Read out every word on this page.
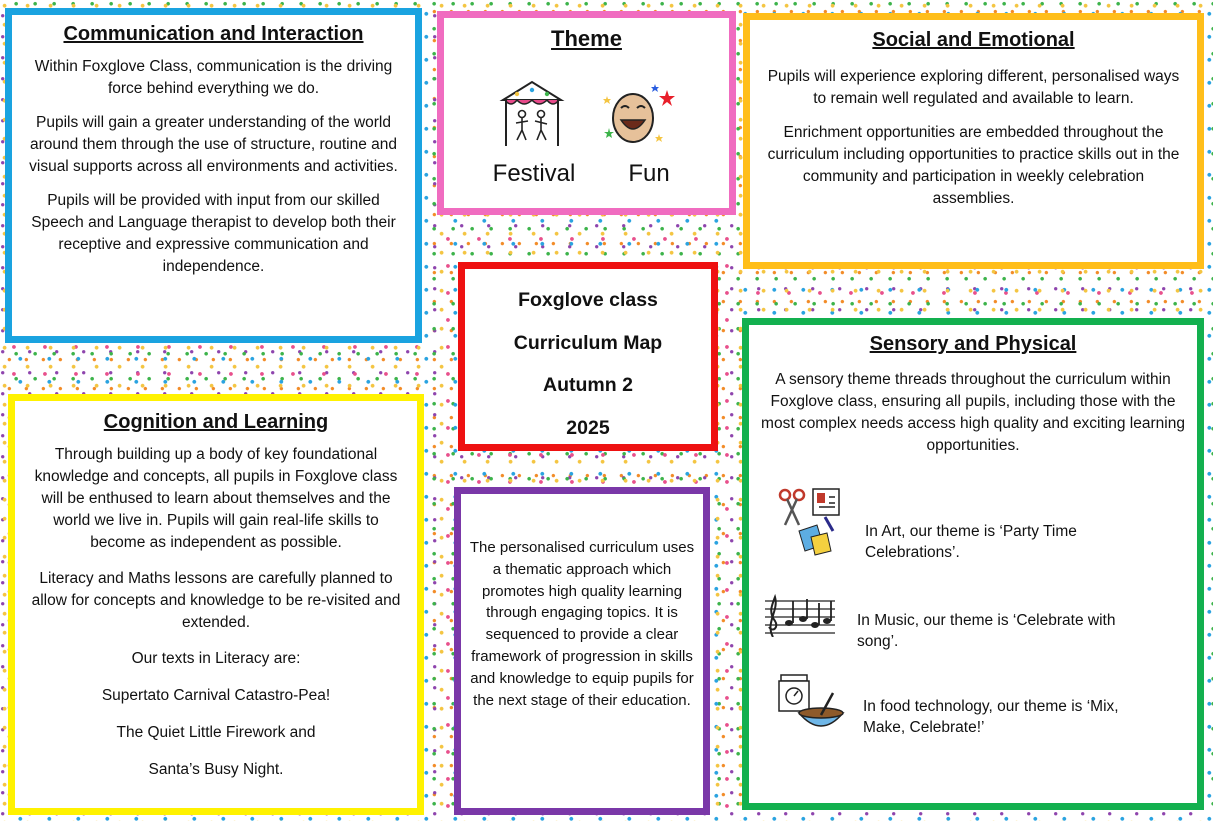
Communication and Interaction

Within Foxglove Class, communication is the driving force behind everything we do.

Pupils will gain a greater understanding of the world around them through the use of structure, routine and visual supports across all environments and activities.

Pupils will be provided with input from our skilled Speech and Language therapist to develop both their receptive and expressive communication and independence.

Theme
Festival	Fun
Social and Emotional

Pupils will experience exploring different, personalised ways to remain well regulated and available to learn.

Enrichment opportunities are embedded throughout the curriculum including opportunities to practice skills out in the community and participation in weekly celebration assemblies.

Foxglove class
Curriculum Map
Autumn 2
2025
Cognition and Learning

Through building up a body of key foundational knowledge and concepts, all pupils in Foxglove class will be enthused to learn about themselves and the world we live in. Pupils will gain real-life skills to become as independent as possible.

Literacy and Maths lessons are carefully planned to allow for concepts and knowledge to be re-visited and extended.

Our texts in Literacy are:

Supertato Carnival Catastro-Pea!

The Quiet Little Firework and

Santa’s Busy Night.

The personalised curriculum uses a thematic approach which promotes high quality learning through engaging topics. It is sequenced to provide a clear framework of progression in skills and knowledge to equip pupils for the next stage of their education.

Sensory and Physical

A sensory theme threads throughout the curriculum within Foxglove class, ensuring all pupils, including those with the most complex needs access high quality and exciting learning opportunities.

In Art, our theme is ‘Party Time Celebrations’.

In Music, our theme is ‘Celebrate with song’.

In food technology, our theme is ‘Mix, Make, Celebrate!’
